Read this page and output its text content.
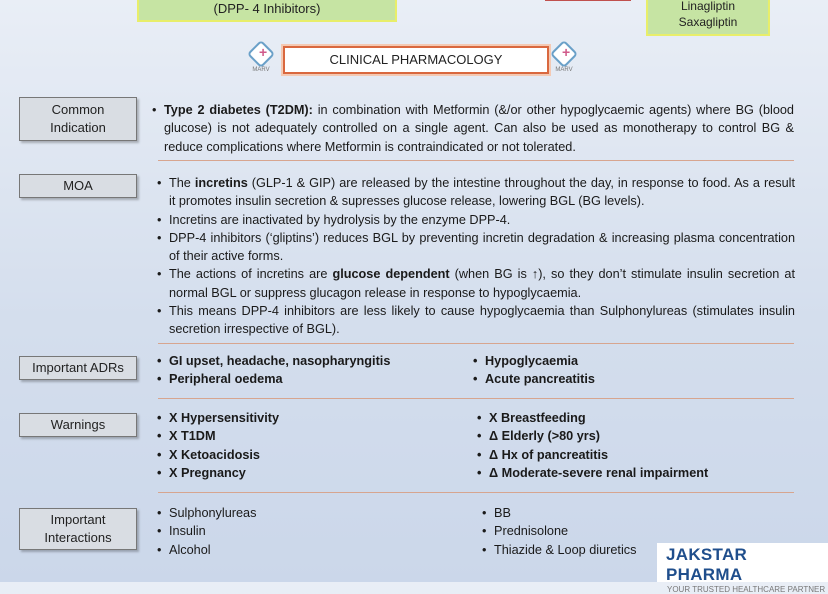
(DPP- 4 Inhibitors)	Linagliptin
Saxagliptin
+
MARV
+	MARV
CLINICAL PHARMACOLOGY
Common Indication
• Type 2 diabetes (T2DM): in combination with Metformin (&/or other hypoglycaemic agents) where BG (blood glucose) is not adequately controlled on a single agent. Can also be used as monotherapy to control BG & reduce complications where Metformin is contraindicated or not tolerated.
MOA	• The incretins (GLP-1 & GIP) are released by the intestine throughout the day, in response to food. As a result it promotes insulin secretion & supresses glucose release, lowering BGL (BG levels).
• Incretins are inactivated by hydrolysis by the enzyme DPP-4.
• DPP-4 inhibitors (‘gliptins’) reduces BGL by preventing incretin degradation & increasing plasma concentration of their active forms.
• The actions of incretins are glucose dependent (when BG is ↑), so they don’t stimulate insulin secretion at normal BGL or suppress glucagon release in response to hypoglycaemia.
• This means DPP-4 inhibitors are less likely to cause hypoglycaemia than Sulphonylureas (stimulates insulin secretion irrespective of BGL).
Important ADRs	• GI upset, headache, nasopharyngitis
• Peripheral oedema
• Hypoglycaemia
• Acute pancreatitis
Warnings	• X Hypersensitivity
• X T1DM
• X Ketoacidosis
• X Pregnancy
• X Breastfeeding
• Δ Elderly (>80 yrs)
• Δ Hx of pancreatitis
• Δ Moderate-severe renal impairment
Important Interactions
• Sulphonylureas
• Insulin
• Alcohol
• BB
• Prednisolone
• Thiazide & Loop diuretics	JAKSTAR PHARMA
YOUR TRUSTED HEALTHCARE PARTNER
